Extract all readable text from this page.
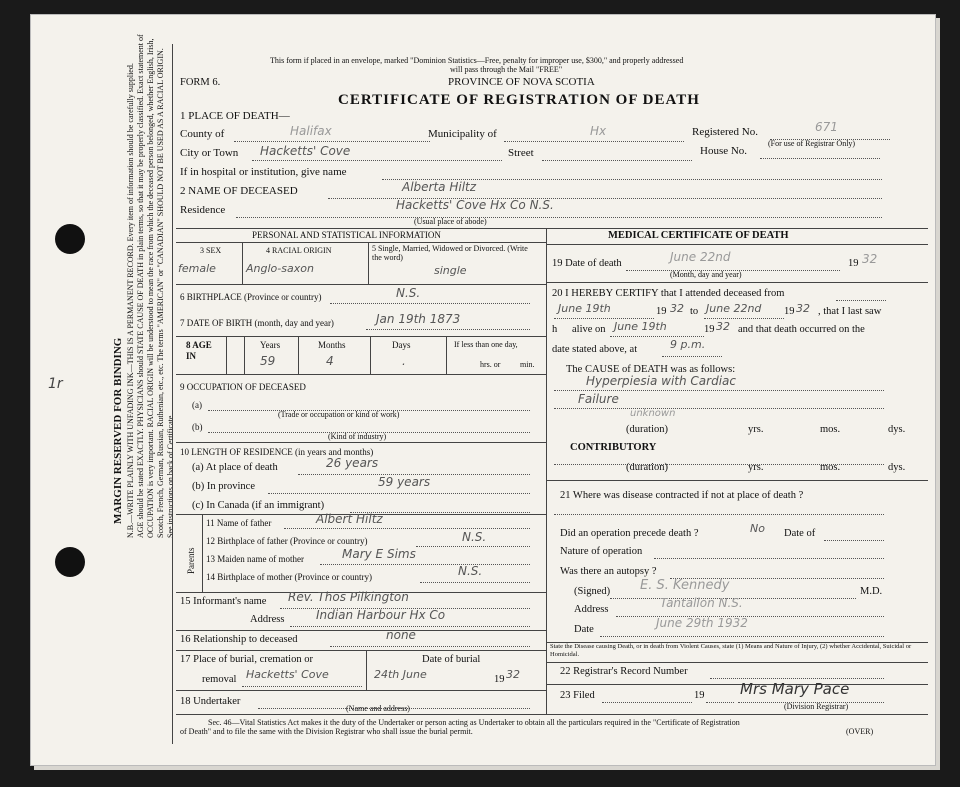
MARGIN RESERVED FOR BINDING N.B.—WRITE PLAINLY WITH UNFADING INK—THIS IS A PERMANENT RECORD. Every item of information should be carefully supplied. AGE should be stated EXACTLY. PHYSICIANS should STATE CAUSE OF DEATH in plain terms, so that it may be properly classified. Exact statement of OCCUPATION is very important. RACIAL ORIGIN will be understood to mean the race from which the deceased person belonged, whether English, Irish, Scotch, French, German, Russian, Ruthenian, etc., etc. The terms "AMERICAN" or "CANADIAN" SHOULD NOT BE USED AS A RACIAL ORIGIN. See instructions on back of Certificate.
1r
This form if placed in an envelope, marked "Dominion Statistics—Free, penalty for improper use, $300," and properly addressed
will pass through the Mail "FREE"
FORM 6.	PROVINCE OF NOVA SCOTIA
CERTIFICATE OF REGISTRATION OF DEATH
1 PLACE OF DEATH—
County of	Halifax	Municipality of	Hx	Registered No.	671
(For use of Registrar Only)
City or Town Hacketts' Cove	Street	House No.
If in hospital or institution, give name
2 NAME OF DECEASED	Alberta Hiltz
Residence	Hacketts' Cove Hx Co N.S.
(Usual place of abode)
PERSONAL AND STATISTICAL INFORMATION
3 SEX
female
4 RACIAL ORIGIN
Anglo-saxon
5 Single, Married, Widowed or Divorced. (Write the word)
single
6 BIRTHPLACE (Province or country)	N.S.
7 DATE OF BIRTH (month, day and year)	Jan 19th 1873
8 AGE IN
Years	Months	Days	If less than one day,
59	4	.	hrs. or min.
9 OCCUPATION OF DECEASED
(a)
(Trade or occupation or kind of work)
(b)
(Kind of industry)
10 LENGTH OF RESIDENCE (in years and months)
(a) At place of death	26 years
(b) In province	59 years
(c) In Canada (if an immigrant)
Parents
11 Name of father	Albert Hiltz
12 Birthplace of father (Province or country)	N.S.
13 Maiden name of mother	Mary E Sims
14 Birthplace of mother (Province or country)	N.S.
15 Informant's name Rev. Thos Pilkington
Address	Indian Harbour Hx Co
16 Relationship to deceased	none
17 Place of burial, cremation or
removal Hacketts' Cove
Date of burial
24th June	19 32
18 Undertaker
(Name and address)
MEDICAL CERTIFICATE OF DEATH
19 Date of death	June 22nd
(Month, day and year)
19 32
20 I HEREBY CERTIFY that I attended deceased from
June 19th	19 32 to June 22nd 19 32 , that I last saw
h alive on June 19th	19 32 and that death occurred on the
date stated above, at	9 p.m.
The CAUSE of DEATH was as follows:
Hyperpiesia with Cardiac
Failure
unknown
(duration)	yrs.	mos.	dys.
CONTRIBUTORY
(duration)	yrs.	mos.	dys.
21 Where was disease contracted if not at place of death ?
Did an operation precede death ?	No Date of
Nature of operation
Was there an autopsy ?
(Signed) E. S. Kennedy	M.D.
Address	Tantallon N.S.
Date	June 29th 1932
State the Disease causing Death, or in death from Violent Causes, state (1) Means and Nature of Injury, (2) whether Accidental, Suicidal or Homicidal.
22 Registrar's Record Number
23 Filed	19 Mrs Mary Pace
(Division Registrar)
Sec. 46—Vital Statistics Act makes it the duty of the Undertaker or person acting as Undertaker to obtain all the particulars required in the "Certificate of Registration
of Death" and to file the same with the Division Registrar who shall issue the burial permit.	(OVER)
